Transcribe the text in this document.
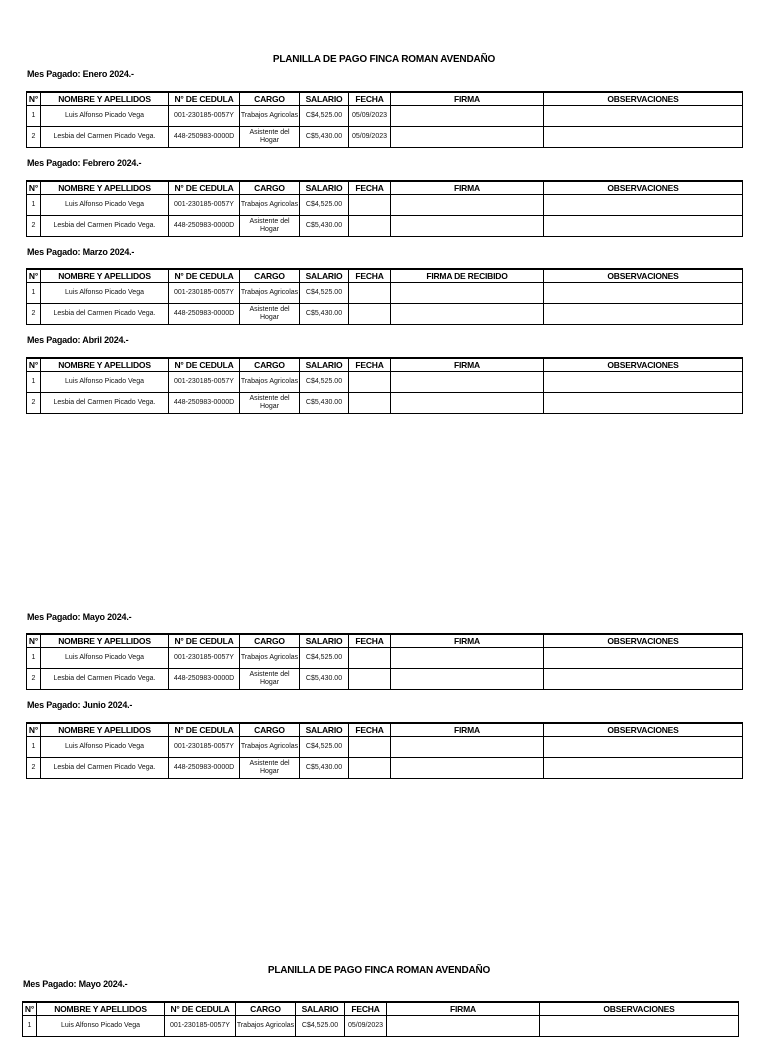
PLANILLA DE PAGO FINCA ROMAN AVENDAÑO
Mes Pagado: Enero 2024.-
N°	NOMBRE Y APELLIDOS	N° DE CEDULA	CARGO	SALARIO	FECHA	FIRMA	OBSERVACIONES
1	Luis Alfonso Picado Vega	001-230185-0057Y	Trabajos Agricolas	C$4,525.00	05/09/2023		
2	Lesbia del Carmen Picado Vega.	448-250983-0000D	Asistente del Hogar	C$5,430.00	05/09/2023		
Mes Pagado: Febrero 2024.-
N°	NOMBRE Y APELLIDOS	N° DE CEDULA	CARGO	SALARIO	FECHA	FIRMA	OBSERVACIONES
1	Luis Alfonso Picado Vega	001-230185-0057Y	Trabajos Agricolas	C$4,525.00			
2	Lesbia del Carmen Picado Vega.	448-250983-0000D	Asistente del Hogar	C$5,430.00			
Mes Pagado: Marzo 2024.-
N°	NOMBRE Y APELLIDOS	N° DE CEDULA	CARGO	SALARIO	FECHA	FIRMA DE RECIBIDO	OBSERVACIONES
1	Luis Alfonso Picado Vega	001-230185-0057Y	Trabajos Agricolas	C$4,525.00			
2	Lesbia del Carmen Picado Vega.	448-250983-0000D	Asistente del Hogar	C$5,430.00			
Mes Pagado: Abril 2024.-
N°	NOMBRE Y APELLIDOS	N° DE CEDULA	CARGO	SALARIO	FECHA	FIRMA	OBSERVACIONES
1	Luis Alfonso Picado Vega	001-230185-0057Y	Trabajos Agricolas	C$4,525.00			
2	Lesbia del Carmen Picado Vega.	448-250983-0000D	Asistente del Hogar	C$5,430.00			
Mes Pagado: Mayo 2024.-
N°	NOMBRE Y APELLIDOS	N° DE CEDULA	CARGO	SALARIO	FECHA	FIRMA	OBSERVACIONES
1	Luis Alfonso Picado Vega	001-230185-0057Y	Trabajos Agricolas	C$4,525.00			
2	Lesbia del Carmen Picado Vega.	448-250983-0000D	Asistente del Hogar	C$5,430.00			
Mes Pagado: Junio 2024.-
N°	NOMBRE Y APELLIDOS	N° DE CEDULA	CARGO	SALARIO	FECHA	FIRMA	OBSERVACIONES
1	Luis Alfonso Picado Vega	001-230185-0057Y	Trabajos Agricolas	C$4,525.00			
2	Lesbia del Carmen Picado Vega.	448-250983-0000D	Asistente del Hogar	C$5,430.00			
PLANILLA DE PAGO FINCA ROMAN AVENDAÑO
Mes Pagado: Mayo 2024.-
N°	NOMBRE Y APELLIDOS	N° DE CEDULA	CARGO	SALARIO	FECHA	FIRMA	OBSERVACIONES
1	Luis Alfonso Picado Vega	001-230185-0057Y	Trabajos Agricolas	C$4,525.00	05/09/2023		
